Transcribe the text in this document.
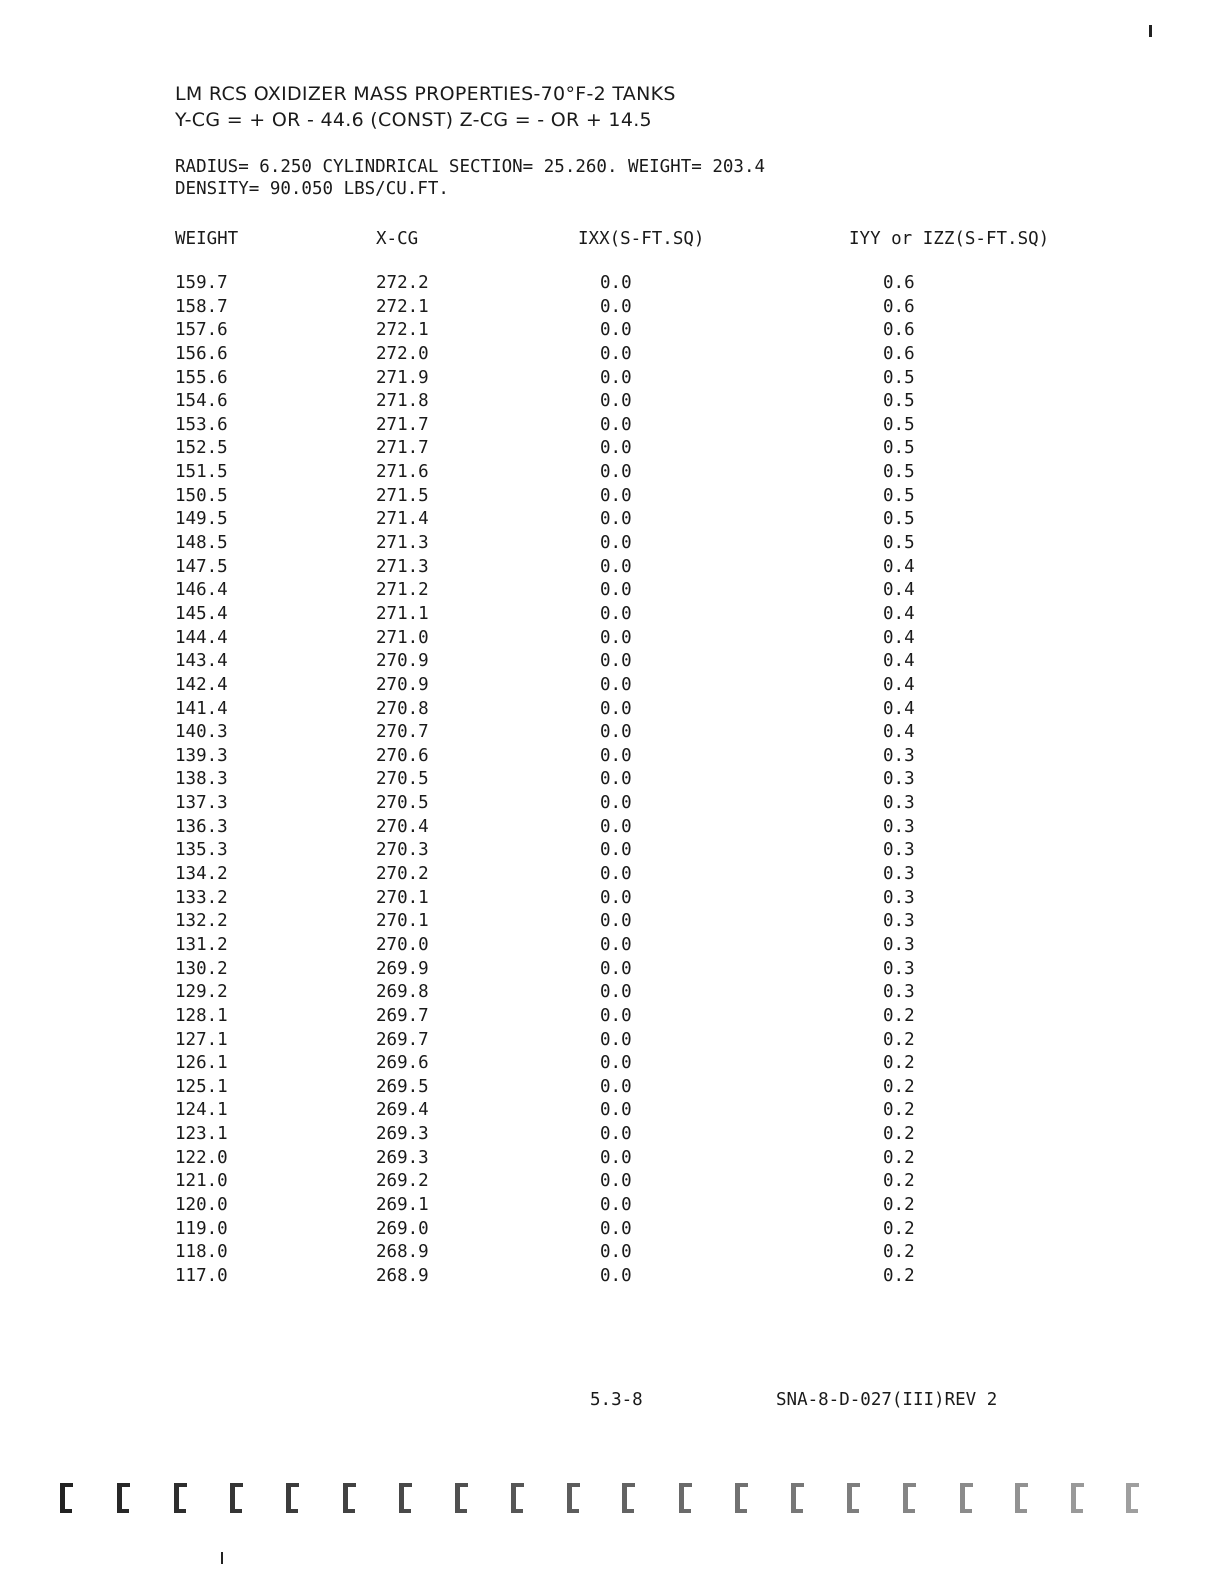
LM RCS OXIDIZER MASS PROPERTIES-70°F-2 TANKS
Y-CG = + OR - 44.6 (CONST) Z-CG = - OR + 14.5
RADIUS= 6.250 CYLINDRICAL SECTION= 25.260. WEIGHT= 203.4
DENSITY= 90.050 LBS/CU.FT.
WEIGHT	X-CG	IXX(S-FT.SQ)	IYY or IZZ(S-FT.SQ)
159.7	272.2	0.0	0.6
158.7	272.1	0.0	0.6
157.6	272.1	0.0	0.6
156.6	272.0	0.0	0.6
155.6	271.9	0.0	0.5
154.6	271.8	0.0	0.5
153.6	271.7	0.0	0.5
152.5	271.7	0.0	0.5
151.5	271.6	0.0	0.5
150.5	271.5	0.0	0.5
149.5	271.4	0.0	0.5
148.5	271.3	0.0	0.5
147.5	271.3	0.0	0.4
146.4	271.2	0.0	0.4
145.4	271.1	0.0	0.4
144.4	271.0	0.0	0.4
143.4	270.9	0.0	0.4
142.4	270.9	0.0	0.4
141.4	270.8	0.0	0.4
140.3	270.7	0.0	0.4
139.3	270.6	0.0	0.3
138.3	270.5	0.0	0.3
137.3	270.5	0.0	0.3
136.3	270.4	0.0	0.3
135.3	270.3	0.0	0.3
134.2	270.2	0.0	0.3
133.2	270.1	0.0	0.3
132.2	270.1	0.0	0.3
131.2	270.0	0.0	0.3
130.2	269.9	0.0	0.3
129.2	269.8	0.0	0.3
128.1	269.7	0.0	0.2
127.1	269.7	0.0	0.2
126.1	269.6	0.0	0.2
125.1	269.5	0.0	0.2
124.1	269.4	0.0	0.2
123.1	269.3	0.0	0.2
122.0	269.3	0.0	0.2
121.0	269.2	0.0	0.2
120.0	269.1	0.0	0.2
119.0	269.0	0.0	0.2
118.0	268.9	0.0	0.2
117.0	268.9	0.0	0.2
5.3-8	SNA-8-D-027(III)REV 2
